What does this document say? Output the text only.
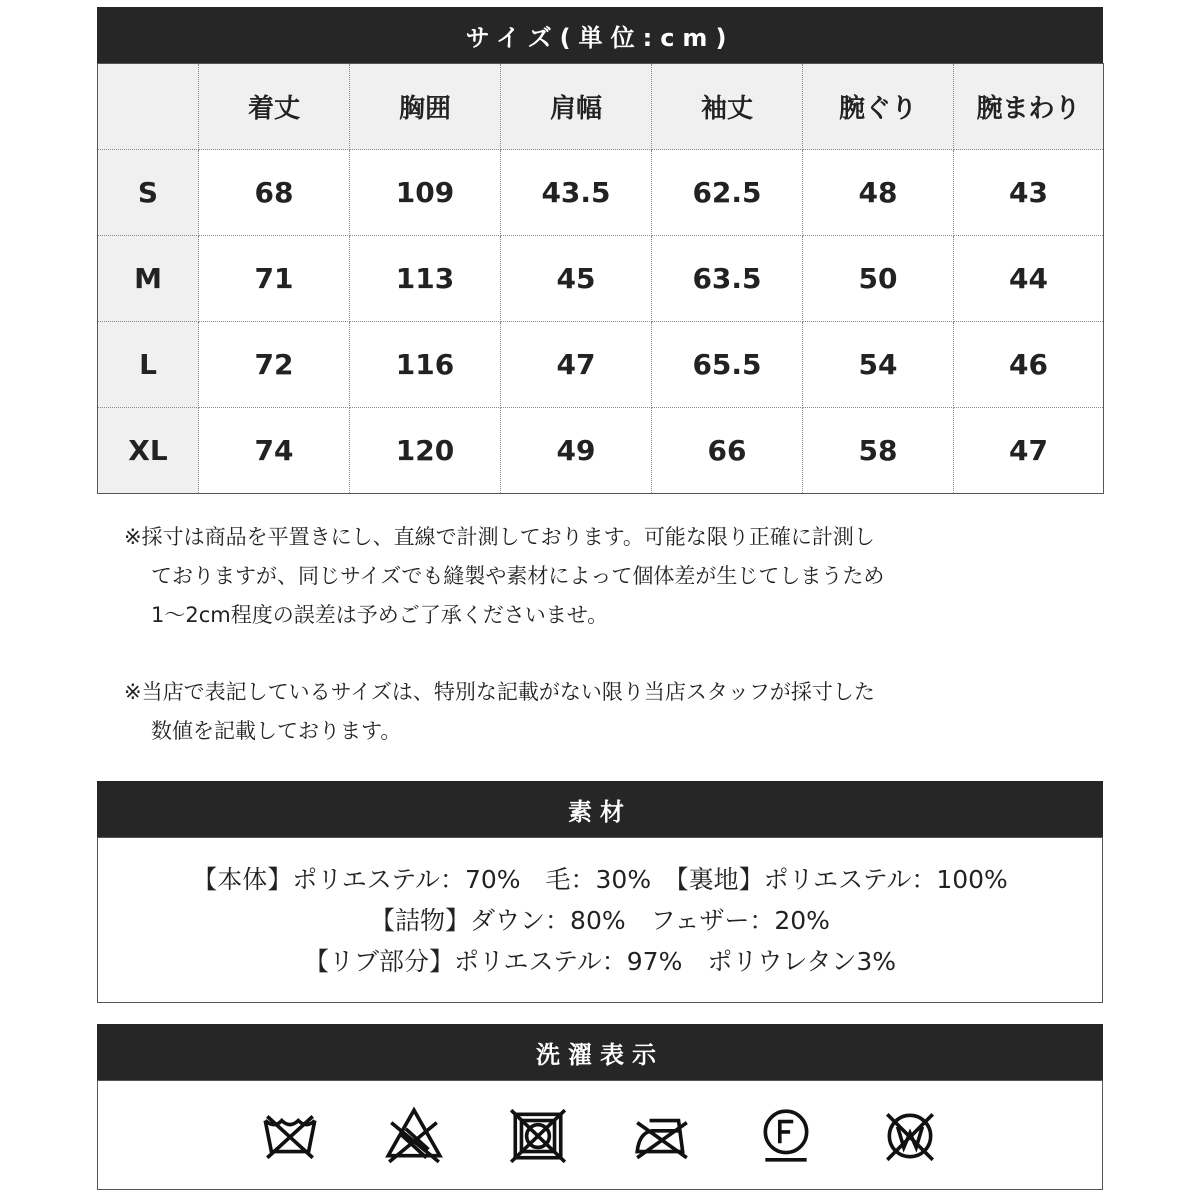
サイズ(単位:cm)
	着丈	胸囲	肩幅	袖丈	腕ぐり	腕まわり
S	68	109	43.5	62.5	48	43
M	71	113	45	63.5	50	44
L	72	116	47	65.5	54	46
XL	74	120	49	66	58	47
※採寸は商品を平置きにし、直線で計測しております。可能な限り正確に計測し
ておりますが、同じサイズでも縫製や素材によって個体差が生じてしまうため
1～2cm程度の誤差は予めご了承くださいませ。
※当店で表記しているサイズは、特別な記載がない限り当店スタッフが採寸した
数値を記載しております。
素材
【本体】ポリエステル：70%　毛：30%　【裏地】ポリエステル：100%
【詰物】ダウン：80%　フェザー：20%
【リブ部分】ポリエステル：97%　ポリウレタン3%
洗濯表示
